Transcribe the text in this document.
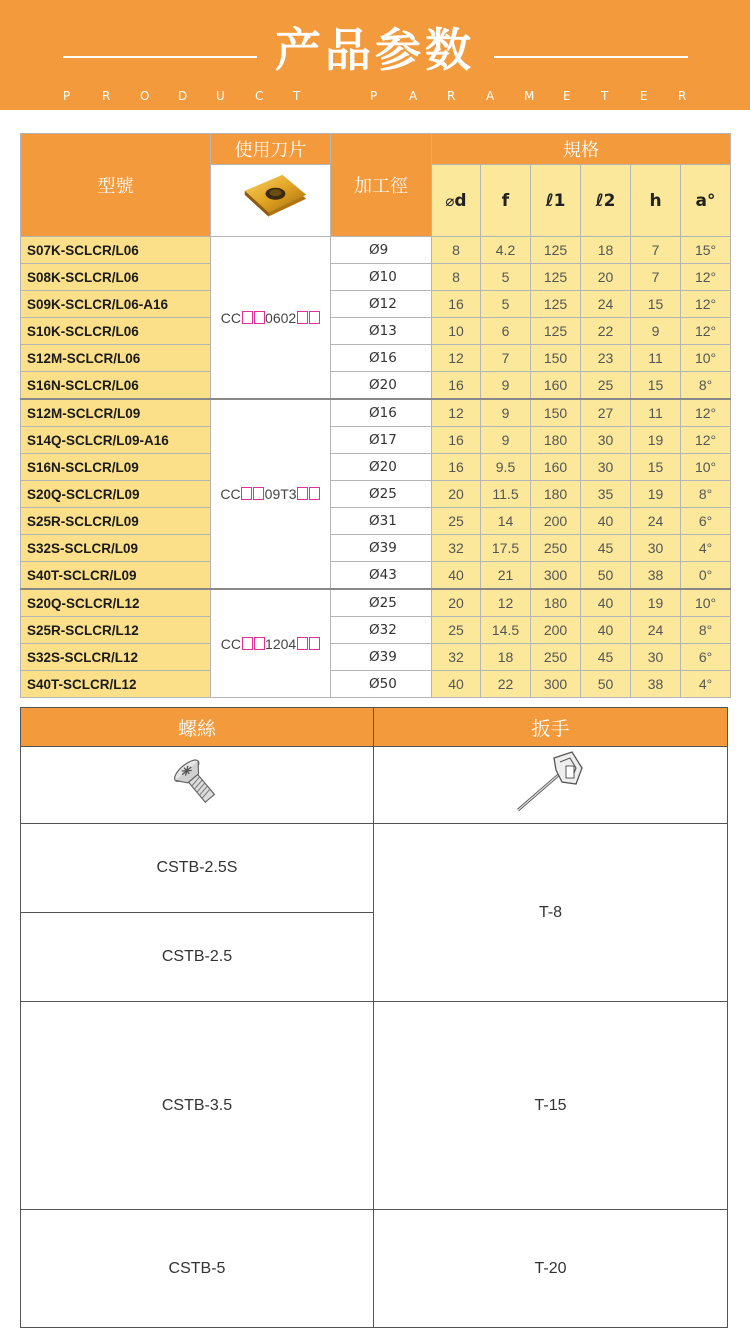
产品参数
P	R O D U	C T	P	A R	A M E	T	E	R
型號	使用刀片	加工徑	規格					

	⌀d	f	ℓ1	ℓ2	h	a°
S07K-SCLCR/L06	CC 0602	Ø9	8	4.2	125	18	7	15°
S08K-SCLCR/L06		Ø10	8	5	125	20	7	12°
S09K-SCLCR/L06-A16		Ø12	16	5	125	24	15	12°
S10K-SCLCR/L06		Ø13	10	6	125	22	9	12°
S12M-SCLCR/L06		Ø16	12	7	150	23	11	10°
S16N-SCLCR/L06		Ø20	16	9	160	25	15	8°
S12M-SCLCR/L09	CC 09T3	Ø16	12	9	150	27	11	12°
S14Q-SCLCR/L09-A16		Ø17	16	9	180	30	19	12°
S16N-SCLCR/L09		Ø20	16	9.5	160	30	15	10°
S20Q-SCLCR/L09		Ø25	20	11.5	180	35	19	8°
S25R-SCLCR/L09		Ø31	25	14	200	40	24	6°
S32S-SCLCR/L09		Ø39	32	17.5	250	45	30	4°
S40T-SCLCR/L09		Ø43	40	21	300	50	38	0°
S20Q-SCLCR/L12	CC 1204	Ø25	20	12	180	40	19	10°
S25R-SCLCR/L12		Ø32	25	14.5	200	40	24	8°
S32S-SCLCR/L12		Ø39	32	18	250	45	30	6°
S40T-SCLCR/L12		Ø50	40	22	300	50	38	4°
螺絲	扳手

CSTB-2.5S	T-8
CSTB-2.5	
CSTB-3.5	T-15
CSTB-5	T-20
